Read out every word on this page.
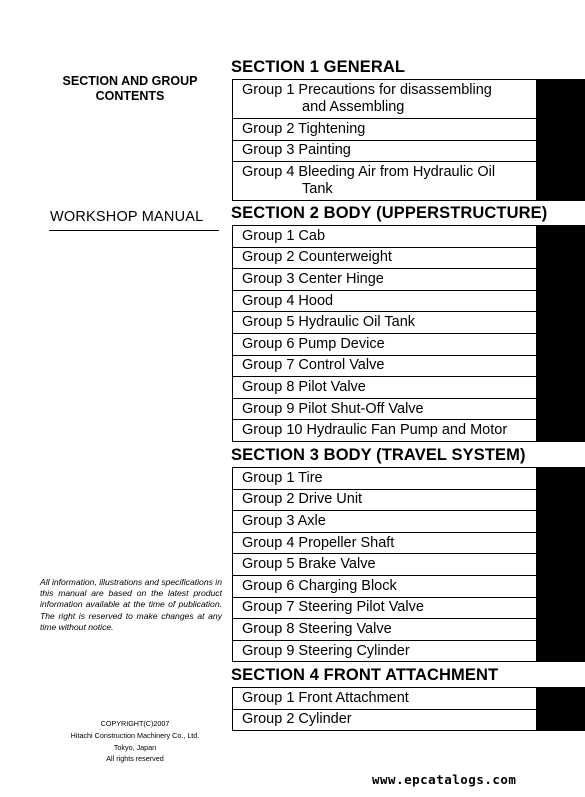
SECTION AND GROUP
CONTENTS
WORKSHOP MANUAL
All information, illustrations and specifications in this manual are based on the latest product information available at the time of publication. The right is reserved to make changes at any time without notice.
COPYRIGHT(C)2007
Hitachi Construction Machinery Co., Ltd.
Tokyo, Japan
All rights reserved
SECTION 1 GENERAL
Group 1 Precautions for disassembling
and Assembling
Group 2 Tightening
Group 3 Painting
Group 4 Bleeding Air from Hydraulic Oil
Tank
SECTION 2 BODY (UPPERSTRUCTURE)
Group 1 Cab
Group 2 Counterweight
Group 3 Center Hinge
Group 4 Hood
Group 5 Hydraulic Oil Tank
Group 6 Pump Device
Group 7 Control Valve
Group 8 Pilot Valve
Group 9 Pilot Shut-Off Valve
Group 10 Hydraulic Fan Pump and Motor
SECTION 3 BODY (TRAVEL SYSTEM)
Group 1 Tire
Group 2 Drive Unit
Group 3 Axle
Group 4 Propeller Shaft
Group 5 Brake Valve
Group 6 Charging Block
Group 7 Steering Pilot Valve
Group 8 Steering Valve
Group 9 Steering Cylinder
SECTION 4 FRONT ATTACHMENT
Group 1 Front Attachment
Group 2 Cylinder
www.epcatalogs.com
